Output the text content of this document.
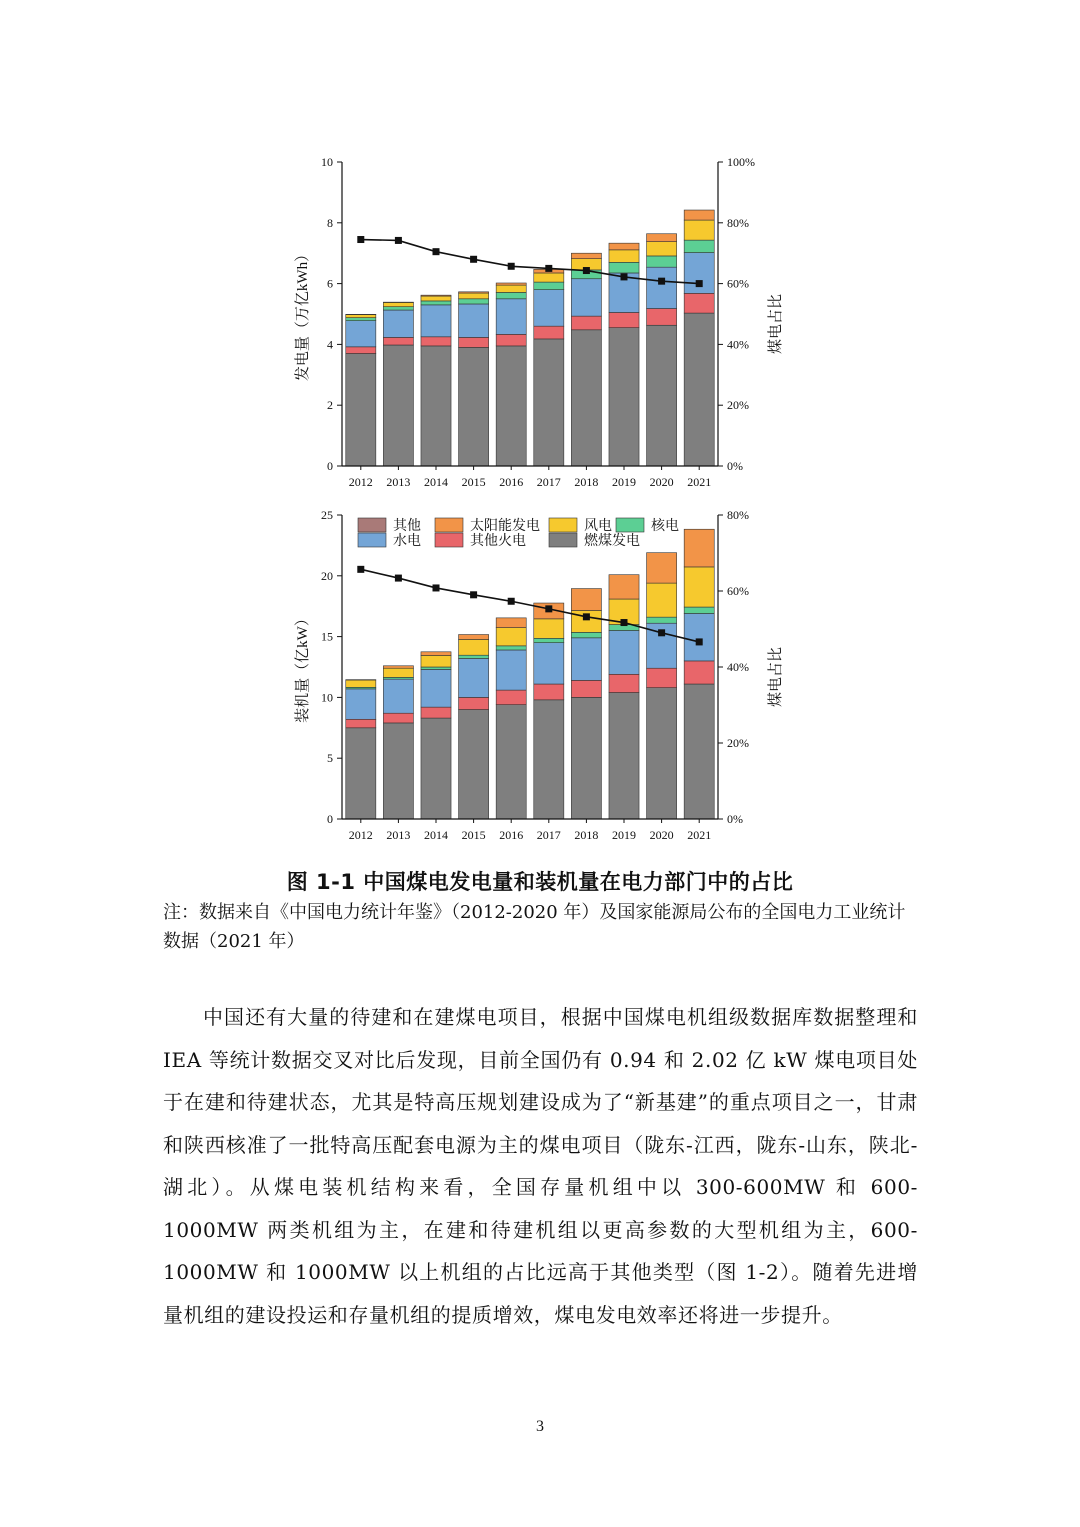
0
2
4
6
8
10
0%
20%
40%
60%
80%
100%
2012 2013 2014 2015 2016 2017 2018 2019 2020 2021
发电量（万亿kWh）	煤电占比
0
5
10
15
20
25
0%
20%
40%
60%
80%
2012 2013 2014 2015 2016 2017 2018 2019 2020 2021
装机量（亿kW）	煤电占比
其他	太阳能发电	风电	核电
水电	其他火电	燃煤发电
图 1-1 中国煤电发电量和装机量在电力部门中的占比
注：数据来自《中国电力统计年鉴》（2012-2020 年）及国家能源局公布的全国电力工业统计数据（2021 年）
中国还有大量的待建和在建煤电项目，根据中国煤电机组级数据库数据整理和 IEA 等统计数据交叉对比后发现，目前全国仍有 0.94 和 2.02 亿 kW 煤电项目处于在建和待建状态，尤其是特高压规划建设成为了“新基建”的重点项目之一，甘肃和陕西核准了一批特高压配套电源为主的煤电项目（陇东-江西，陇东-山东，陕北-湖北）。从煤电装机结构来看，全国存量机组中以 300-600MW 和 600-1000MW 两类机组为主，在建和待建机组以更高参数的大型机组为主，600-1000MW 和 1000MW 以上机组的占比远高于其他类型（图 1-2）。随着先进增量机组的建设投运和存量机组的提质增效，煤电发电效率还将进一步提升。
3
